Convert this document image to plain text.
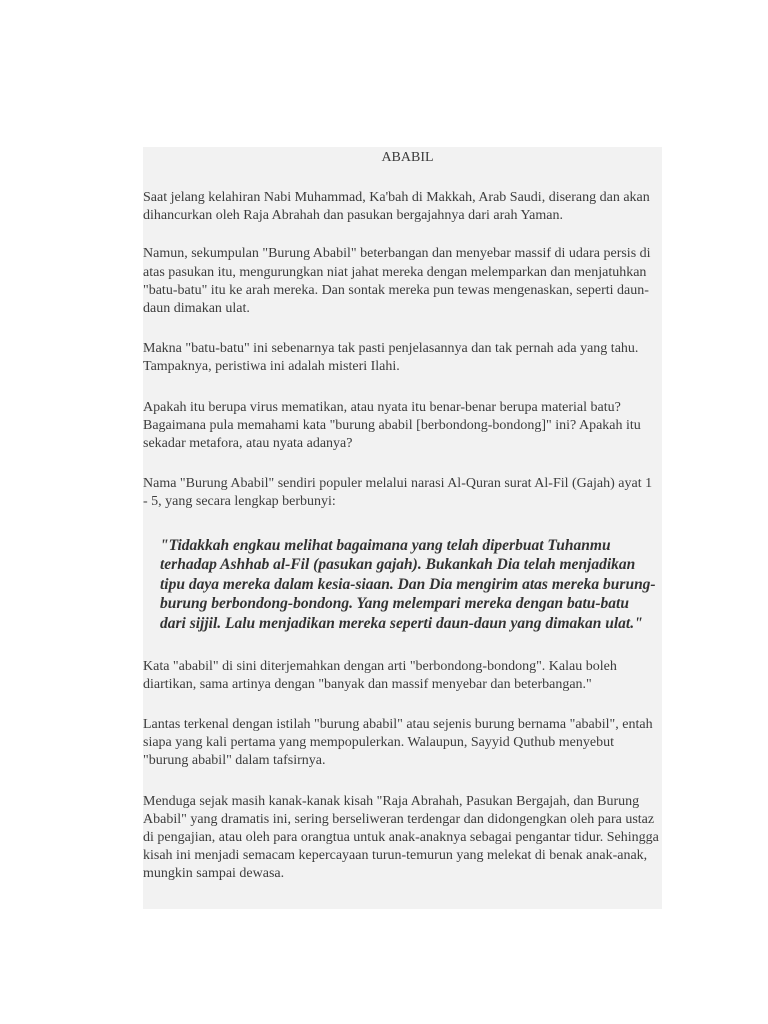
ABABIL

Saat jelang kelahiran Nabi Muhammad, Ka'bah di Makkah, Arab Saudi, diserang dan akan dihancurkan oleh Raja Abrahah dan pasukan bergajahnya dari arah Yaman.

Namun, sekumpulan "Burung Ababil" beterbangan dan menyebar massif di udara persis di atas pasukan itu, mengurungkan niat jahat mereka dengan melemparkan dan menjatuhkan "batu-batu" itu ke arah mereka. Dan sontak mereka pun tewas mengenaskan, seperti daun-daun dimakan ulat.

Makna "batu-batu" ini sebenarnya tak pasti penjelasannya dan tak pernah ada yang tahu. Tampaknya, peristiwa ini adalah misteri Ilahi.

Apakah itu berupa virus mematikan, atau nyata itu benar-benar berupa material batu? Bagaimana pula memahami kata "burung ababil [berbondong-bondong]" ini? Apakah itu sekadar metafora, atau nyata adanya?

Nama "Burung Ababil" sendiri populer melalui narasi Al-Quran surat Al-Fil (Gajah) ayat 1 - 5, yang secara lengkap berbunyi:

"Tidakkah engkau melihat bagaimana yang telah diperbuat Tuhanmu terhadap Ashhab al-Fil (pasukan gajah). Bukankah Dia telah menjadikan tipu daya mereka dalam kesia-siaan. Dan Dia mengirim atas mereka burung-burung berbondong-bondong. Yang melempari mereka dengan batu-batu dari sijjil. Lalu menjadikan mereka seperti daun-daun yang dimakan ulat."

Kata "ababil" di sini diterjemahkan dengan arti "berbondong-bondong". Kalau boleh diartikan, sama artinya dengan "banyak dan massif menyebar dan beterbangan."

Lantas terkenal dengan istilah "burung ababil" atau sejenis burung bernama "ababil", entah siapa yang kali pertama yang mempopulerkan. Walaupun, Sayyid Quthub menyebut "burung ababil" dalam tafsirnya.

Menduga sejak masih kanak-kanak kisah "Raja Abrahah, Pasukan Bergajah, dan Burung Ababil" yang dramatis ini, sering berseliweran terdengar dan didongengkan oleh para ustaz di pengajian, atau oleh para orangtua untuk anak-anaknya sebagai pengantar tidur. Sehingga kisah ini menjadi semacam kepercayaan turun-temurun yang melekat di benak anak-anak, mungkin sampai dewasa.
